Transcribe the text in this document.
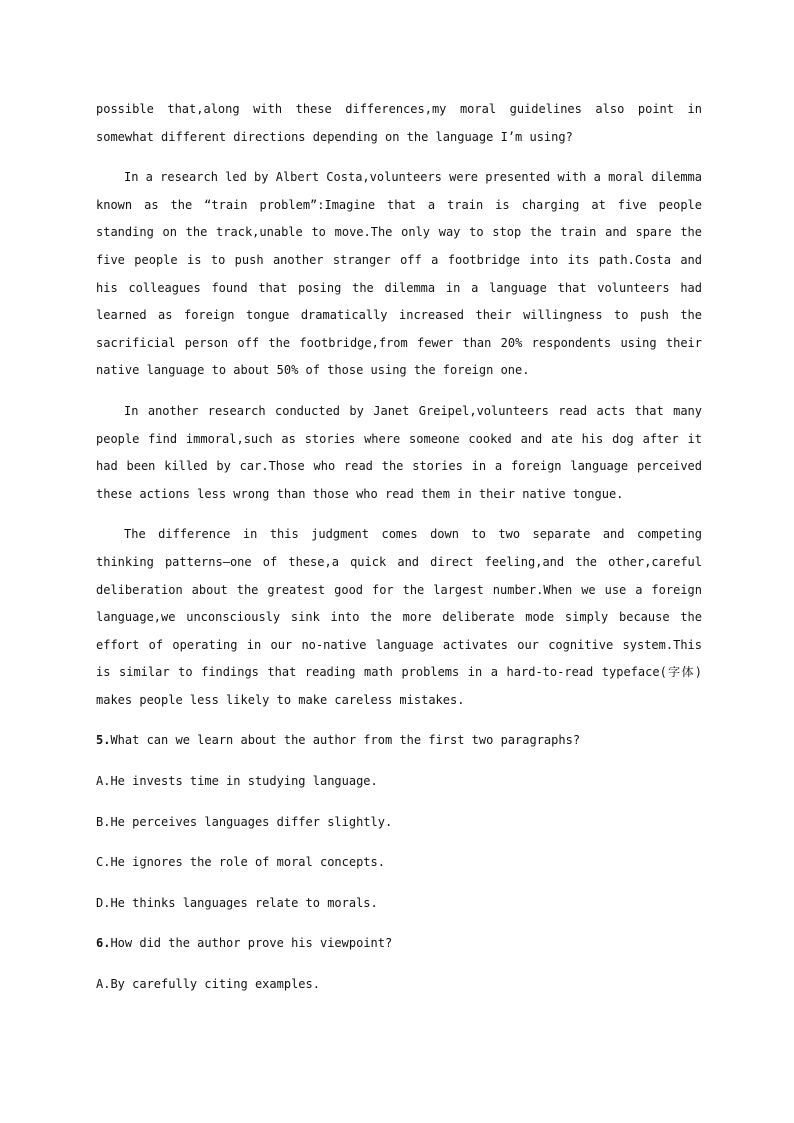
possible that,along with these differences,my moral guidelines also point in somewhat different directions depending on the language I’m using?

In a research led by Albert Costa,volunteers were presented with a moral dilemma known as the “train problem”:Imagine that a train is charging at five people standing on the track,unable to move.The only way to stop the train and spare the five people is to push another stranger off a footbridge into its path.Costa and his colleagues found that posing the dilemma in a language that volunteers had learned as foreign tongue dramatically increased their willingness to push the sacrificial person off the footbridge,from fewer than 20% respondents using their native language to about 50% of those using the foreign one.

In another research conducted by Janet Greipel,volunteers read acts that many people find immoral,such as stories where someone cooked and ate his dog after it had been killed by car.Those who read the stories in a foreign language perceived these actions less wrong than those who read them in their native tongue.

The difference in this judgment comes down to two separate and competing thinking patterns—one of these,a quick and direct feeling,and the other,careful deliberation about the greatest good for the largest number.When we use a foreign language,we unconsciously sink into the more deliberate mode simply because the effort of operating in our no-native language activates our cognitive system.This is similar to findings that reading math problems in a hard-to-read typeface(字体) makes people less likely to make careless mistakes.

5.What can we learn about the author from the first two paragraphs?
A.He invests time in studying language.
B.He perceives languages differ slightly.
C.He ignores the role of moral concepts.
D.He thinks languages relate to morals.
6.How did the author prove his viewpoint?
A.By carefully citing examples.
